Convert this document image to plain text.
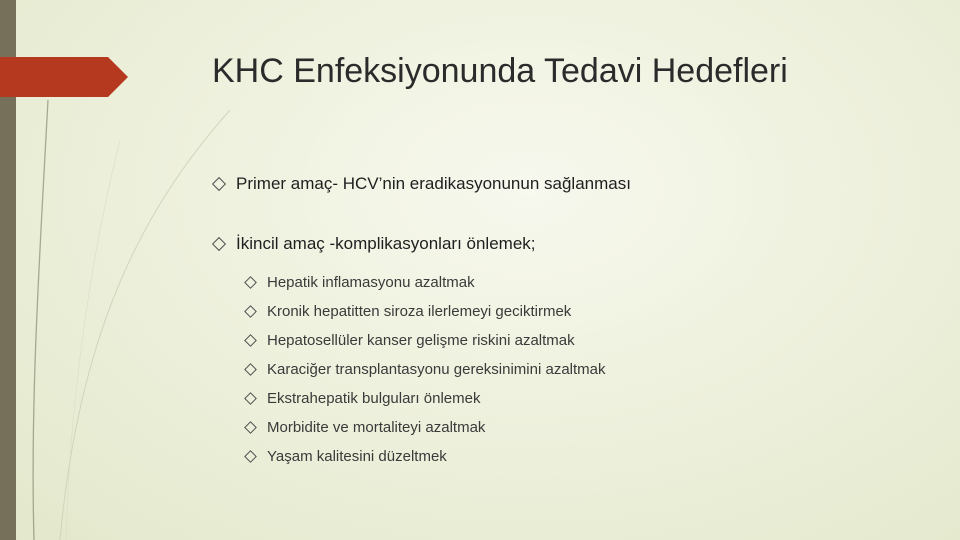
KHC Enfeksiyonunda Tedavi Hedefleri
Primer amaç- HCV’nin eradikasyonunun sağlanması
İkincil amaç -komplikasyonları önlemek;
Hepatik inflamasyonu azaltmak
Kronik hepatitten siroza ilerlemeyi geciktirmek
Hepatosellüler kanser gelişme riskini azaltmak
Karaciğer transplantasyonu gereksinimini azaltmak
Ekstrahepatik bulguları önlemek
Morbidite ve mortaliteyi azaltmak
Yaşam kalitesini düzeltmek
